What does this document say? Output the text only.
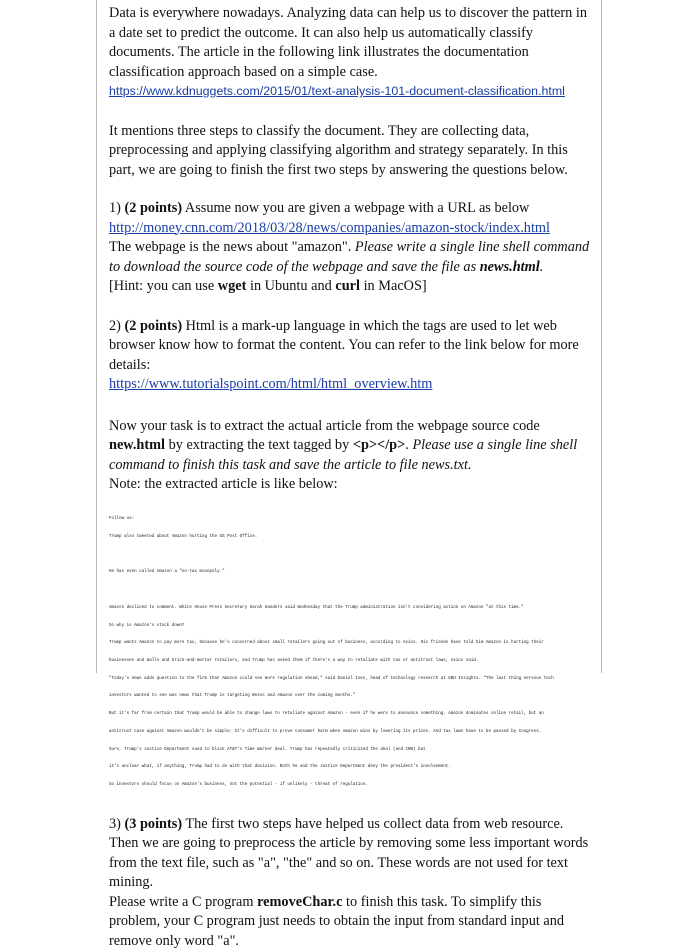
Data is everywhere nowadays. Analyzing data can help us to discover the pattern in a date set to predict the outcome. It can also help us automatically classify documents. The article in the following link illustrates the documentation classification approach based on a simple case.

https://www.kdnuggets.com/2015/01/text-analysis-101-document-classification.html

It mentions three steps to classify the document. They are collecting data, preprocessing and applying classifying algorithm and strategy separately. In this part, we are going to finish the first two steps by answering the questions below.

1) (2 points) Assume now you are given a webpage with a URL as below

http://money.cnn.com/2018/03/28/news/companies/amazon-stock/index.html

The webpage is the news about "amazon". Please write a single line shell command to download the source code of the webpage and save the file as news.html.

[Hint: you can use wget in Ubuntu and curl in MacOS]

2) (2 points) Html is a mark-up language in which the tags are used to let web browser know how to format the content. You can refer to the link below for more details:

https://www.tutorialspoint.com/html/html_overview.htm

Now your task is to extract the actual article from the webpage source code new.html by extracting the text tagged by <p></p>. Please use a single line shell command to finish this task and save the article to file news.txt.

Note: the extracted article is like below:

Follow us:

Trump also tweeted about Amazon hurting the US Post Office.

He has even called Amazon a "no-tax monopoly."

Amazon declined to comment. White House Press Secretary Sarah Sanders said Wednesday that the Trump administration isn't considering action on Amazon "at this time."

So why is Amazon's stock down?

Trump wants Amazon to pay more tax, because he's concerned about small retailers going out of business, according to Axios. His friends have told him Amazon is hurting their

businesses and malls and brick-and-mortar retailers, and Trump has asked them if there's a way to retaliate with tax or antitrust laws, Axios said.

"Today's news adds question to the firm that Amazon could see more regulation ahead," said Daniel Ives, head of technology research at GBH Insights. "The last thing nervous tech

investors wanted to see was news that Trump is targeting Bezos and Amazon over the coming months."

But it's far from certain that Trump would be able to change laws to retaliate against Amazon - even if he were to announce something. Amazon dominates online retail, but an

antitrust case against Amazon wouldn't be simple: It's difficult to prove consumer harm when Amazon wins by lowering its prices. And tax laws have to be passed by Congress.

Sure, Trump's Justice Department sued to block AT&T's Time Warner deal. Trump has repeatedly criticized the deal (and CNN) but

it's unclear what, if anything, Trump had to do with that decision. Both he and the Justice Department deny the president's involvement.

So investors should focus on Amazon's business, not the potential - if unlikely - threat of regulation.

3) (3 points) The first two steps have helped us collect data from web resource. Then we are going to preprocess the article by removing some less important words from the text file, such as "a", "the" and so on. These words are not used for text mining.

Please write a C program removeChar.c to finish this task. To simplify this problem, your C program just needs to obtain the input from standard input and remove only word "a".
